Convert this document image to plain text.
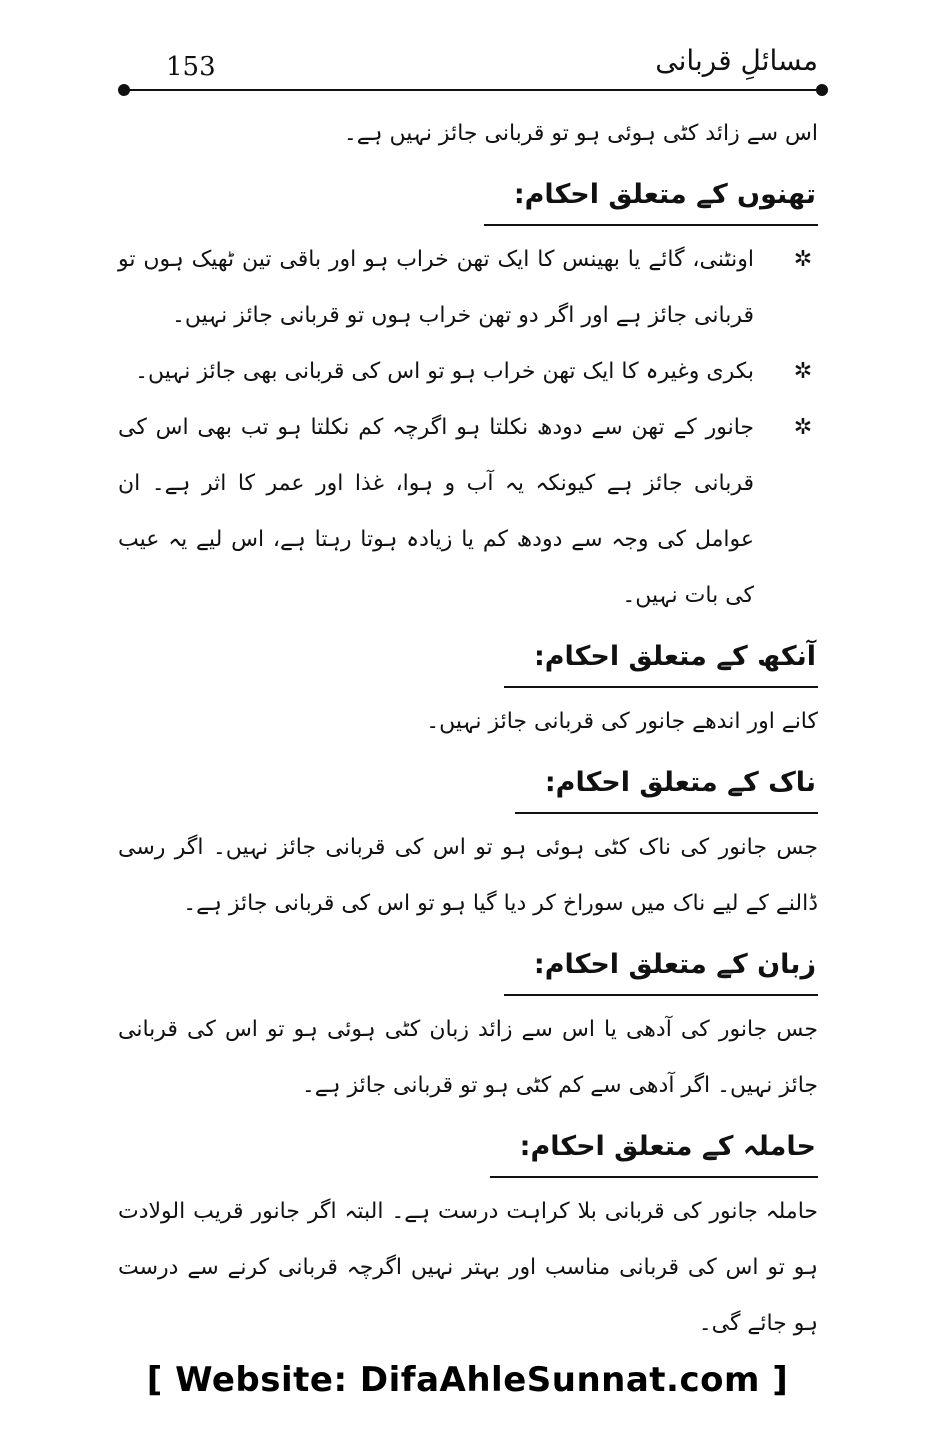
153	مسائلِ قربانی

اس سے زائد کٹی ہوئی ہو تو قربانی جائز نہیں ہے۔

تھنوں کے متعلق احکام:
✲

اونٹنی، گائے یا بھینس کا ایک تھن خراب ہو اور باقی تین ٹھیک ہوں تو قربانی جائز ہے اور اگر دو تھن خراب ہوں تو قربانی جائز نہیں۔

✲

بکری وغیرہ کا ایک تھن خراب ہو تو اس کی قربانی بھی جائز نہیں۔

✲

جانور کے تھن سے دودھ نکلتا ہو اگرچہ کم نکلتا ہو تب بھی اس کی قربانی جائز ہے کیونکہ یہ آب و ہوا، غذا اور عمر کا اثر ہے۔ ان عوامل کی وجہ سے دودھ کم یا زیادہ ہوتا رہتا ہے، اس لیے یہ عیب کی بات نہیں۔

آنکھ کے متعلق احکام:

کانے اور اندھے جانور کی قربانی جائز نہیں۔

ناک کے متعلق احکام:

جس جانور کی ناک کٹی ہوئی ہو تو اس کی قربانی جائز نہیں۔ اگر رسی ڈالنے کے لیے ناک میں سوراخ کر دیا گیا ہو تو اس کی قربانی جائز ہے۔

زبان کے متعلق احکام:

جس جانور کی آدھی یا اس سے زائد زبان کٹی ہوئی ہو تو اس کی قربانی جائز نہیں۔ اگر آدھی سے کم کٹی ہو تو قربانی جائز ہے۔

حاملہ کے متعلق احکام:

حاملہ جانور کی قربانی بلا کراہت درست ہے۔ البتہ اگر جانور قریب الولادت ہو تو اس کی قربانی مناسب اور بہتر نہیں اگرچہ قربانی کرنے سے درست ہو جائے گی۔

[ Website: DifaAhleSunnat.com ]
